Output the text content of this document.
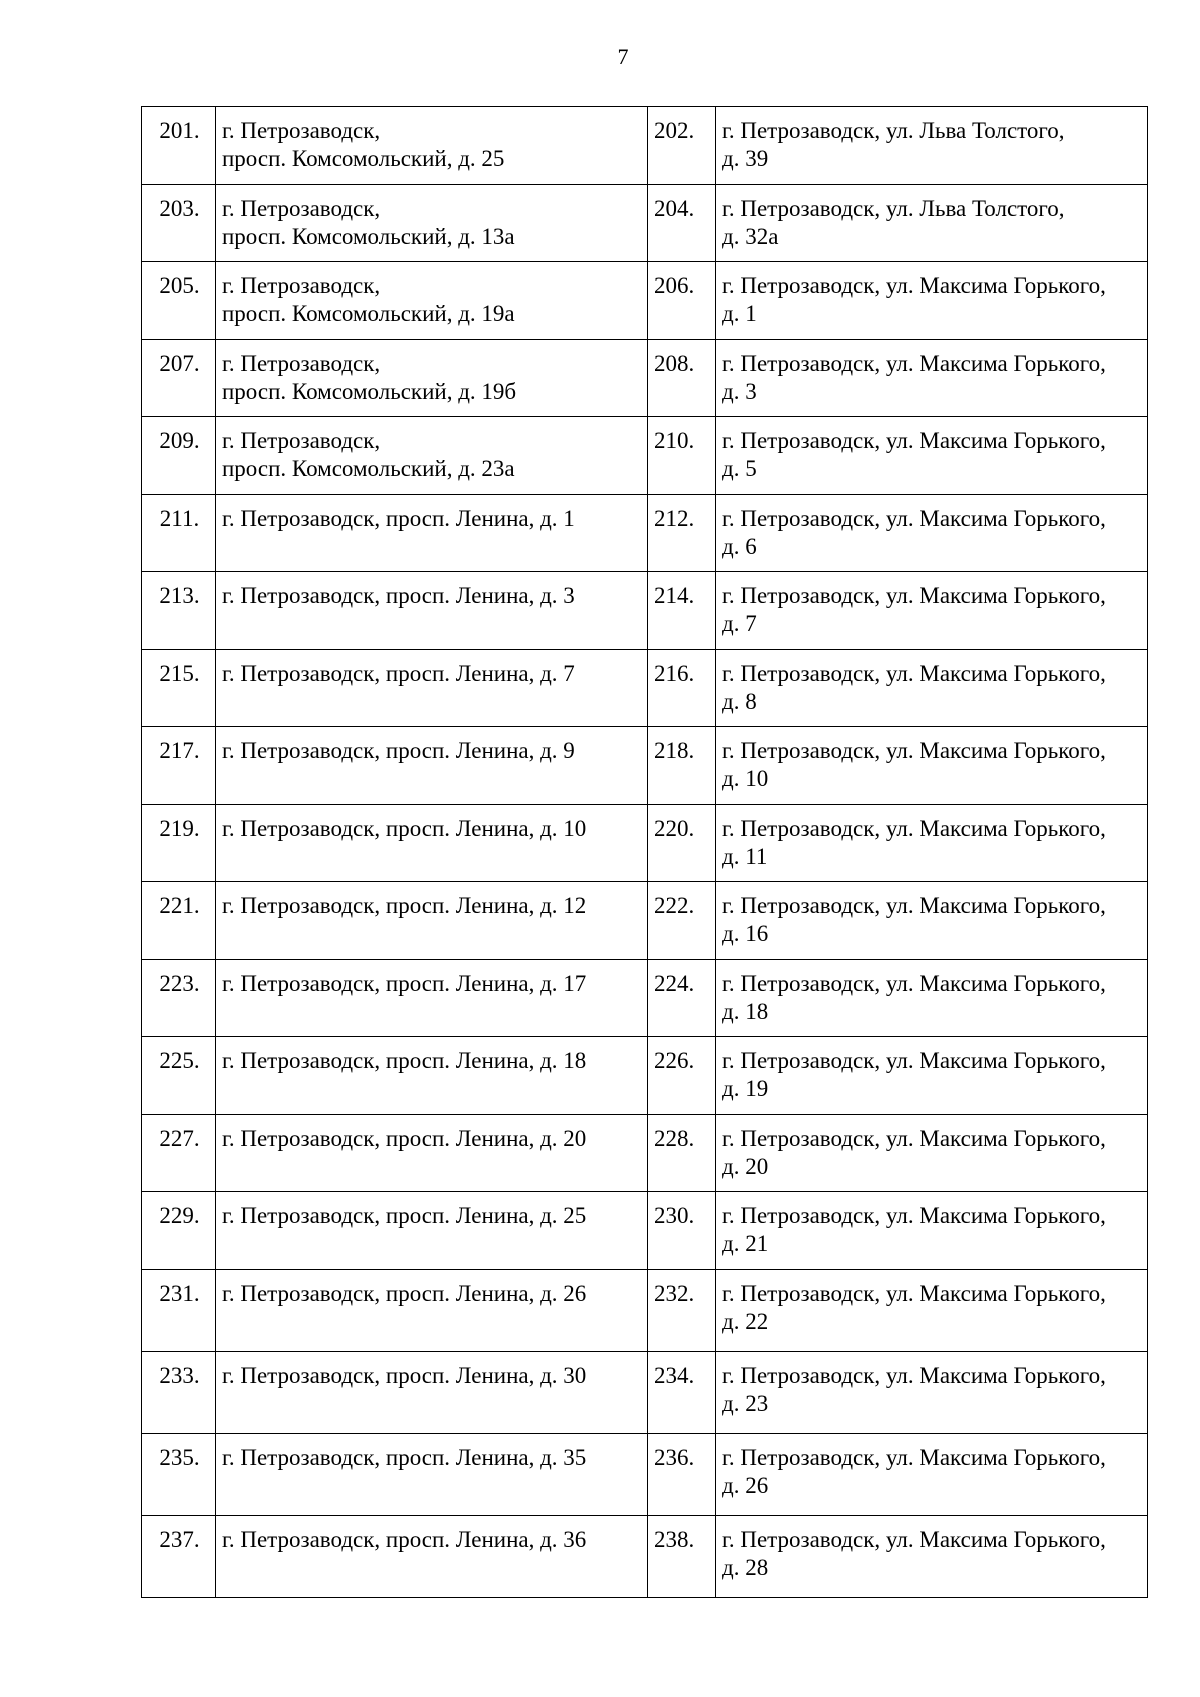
7
201.	г. Петрозаводск,
просп. Комсомольский, д. 25	202.	г. Петрозаводск, ул. Льва Толстого,
д. 39

203.	г. Петрозаводск,
просп. Комсомольский, д. 13а	204.	г. Петрозаводск, ул. Льва Толстого,
д. 32а

205.	г. Петрозаводск,
просп. Комсомольский, д. 19а	206.	г. Петрозаводск, ул. Максима Горького,
д. 1

207.	г. Петрозаводск,
просп. Комсомольский, д. 19б	208.	г. Петрозаводск, ул. Максима Горького,
д. 3

209.	г. Петрозаводск,
просп. Комсомольский, д. 23а	210.	г. Петрозаводск, ул. Максима Горького,
д. 5

211.	г. Петрозаводск, просп. Ленина, д. 1	212.	г. Петрозаводск, ул. Максима Горького,
д. 6

213.	г. Петрозаводск, просп. Ленина, д. 3	214.	г. Петрозаводск, ул. Максима Горького,
д. 7

215.	г. Петрозаводск, просп. Ленина, д. 7	216.	г. Петрозаводск, ул. Максима Горького,
д. 8

217.	г. Петрозаводск, просп. Ленина, д. 9	218.	г. Петрозаводск, ул. Максима Горького,
д. 10

219.	г. Петрозаводск, просп. Ленина, д. 10	220.	г. Петрозаводск, ул. Максима Горького,
д. 11

221.	г. Петрозаводск, просп. Ленина, д. 12	222.	г. Петрозаводск, ул. Максима Горького,
д. 16

223.	г. Петрозаводск, просп. Ленина, д. 17	224.	г. Петрозаводск, ул. Максима Горького,
д. 18

225.	г. Петрозаводск, просп. Ленина, д. 18	226.	г. Петрозаводск, ул. Максима Горького,
д. 19

227.	г. Петрозаводск, просп. Ленина, д. 20	228.	г. Петрозаводск, ул. Максима Горького,
д. 20

229.	г. Петрозаводск, просп. Ленина, д. 25	230.	г. Петрозаводск, ул. Максима Горького,
д. 21

231.	г. Петрозаводск, просп. Ленина, д. 26	232.	г. Петрозаводск, ул. Максима Горького,
д. 22

233.	г. Петрозаводск, просп. Ленина, д. 30	234.	г. Петрозаводск, ул. Максима Горького,
д. 23

235.	г. Петрозаводск, просп. Ленина, д. 35	236.	г. Петрозаводск, ул. Максима Горького,
д. 26

237.	г. Петрозаводск, просп. Ленина, д. 36	238.	г. Петрозаводск, ул. Максима Горького,
д. 28
